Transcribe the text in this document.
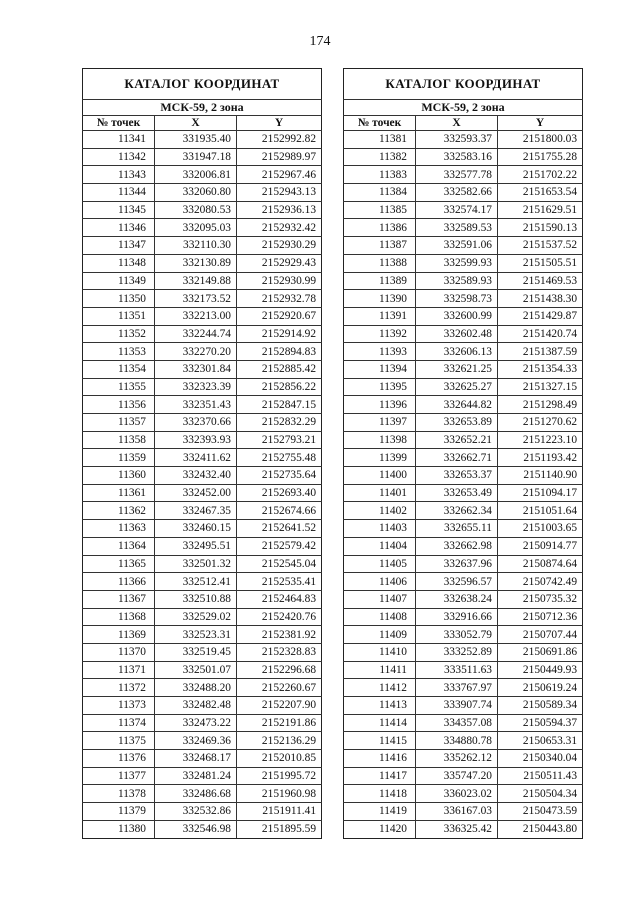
174
КАТАЛОГ КООРДИНАТ		
МСК-59, 2 зона		
№ точек	X	Y
11341	331935.40	2152992.82
11342	331947.18	2152989.97
11343	332006.81	2152967.46
11344	332060.80	2152943.13
11345	332080.53	2152936.13
11346	332095.03	2152932.42
11347	332110.30	2152930.29
11348	332130.89	2152929.43
11349	332149.88	2152930.99
11350	332173.52	2152932.78
11351	332213.00	2152920.67
11352	332244.74	2152914.92
11353	332270.20	2152894.83
11354	332301.84	2152885.42
11355	332323.39	2152856.22
11356	332351.43	2152847.15
11357	332370.66	2152832.29
11358	332393.93	2152793.21
11359	332411.62	2152755.48
11360	332432.40	2152735.64
11361	332452.00	2152693.40
11362	332467.35	2152674.66
11363	332460.15	2152641.52
11364	332495.51	2152579.42
11365	332501.32	2152545.04
11366	332512.41	2152535.41
11367	332510.88	2152464.83
11368	332529.02	2152420.76
11369	332523.31	2152381.92
11370	332519.45	2152328.83
11371	332501.07	2152296.68
11372	332488.20	2152260.67
11373	332482.48	2152207.90
11374	332473.22	2152191.86
11375	332469.36	2152136.29
11376	332468.17	2152010.85
11377	332481.24	2151995.72
11378	332486.68	2151960.98
11379	332532.86	2151911.41
11380	332546.98	2151895.59
КАТАЛОГ КООРДИНАТ		
МСК-59, 2 зона		
№ точек	X	Y
11381	332593.37	2151800.03
11382	332583.16	2151755.28
11383	332577.78	2151702.22
11384	332582.66	2151653.54
11385	332574.17	2151629.51
11386	332589.53	2151590.13
11387	332591.06	2151537.52
11388	332599.93	2151505.51
11389	332589.93	2151469.53
11390	332598.73	2151438.30
11391	332600.99	2151429.87
11392	332602.48	2151420.74
11393	332606.13	2151387.59
11394	332621.25	2151354.33
11395	332625.27	2151327.15
11396	332644.82	2151298.49
11397	332653.89	2151270.62
11398	332652.21	2151223.10
11399	332662.71	2151193.42
11400	332653.37	2151140.90
11401	332653.49	2151094.17
11402	332662.34	2151051.64
11403	332655.11	2151003.65
11404	332662.98	2150914.77
11405	332637.96	2150874.64
11406	332596.57	2150742.49
11407	332638.24	2150735.32
11408	332916.66	2150712.36
11409	333052.79	2150707.44
11410	333252.89	2150691.86
11411	333511.63	2150449.93
11412	333767.97	2150619.24
11413	333907.74	2150589.34
11414	334357.08	2150594.37
11415	334880.78	2150653.31
11416	335262.12	2150340.04
11417	335747.20	2150511.43
11418	336023.02	2150504.34
11419	336167.03	2150473.59
11420	336325.42	2150443.80
